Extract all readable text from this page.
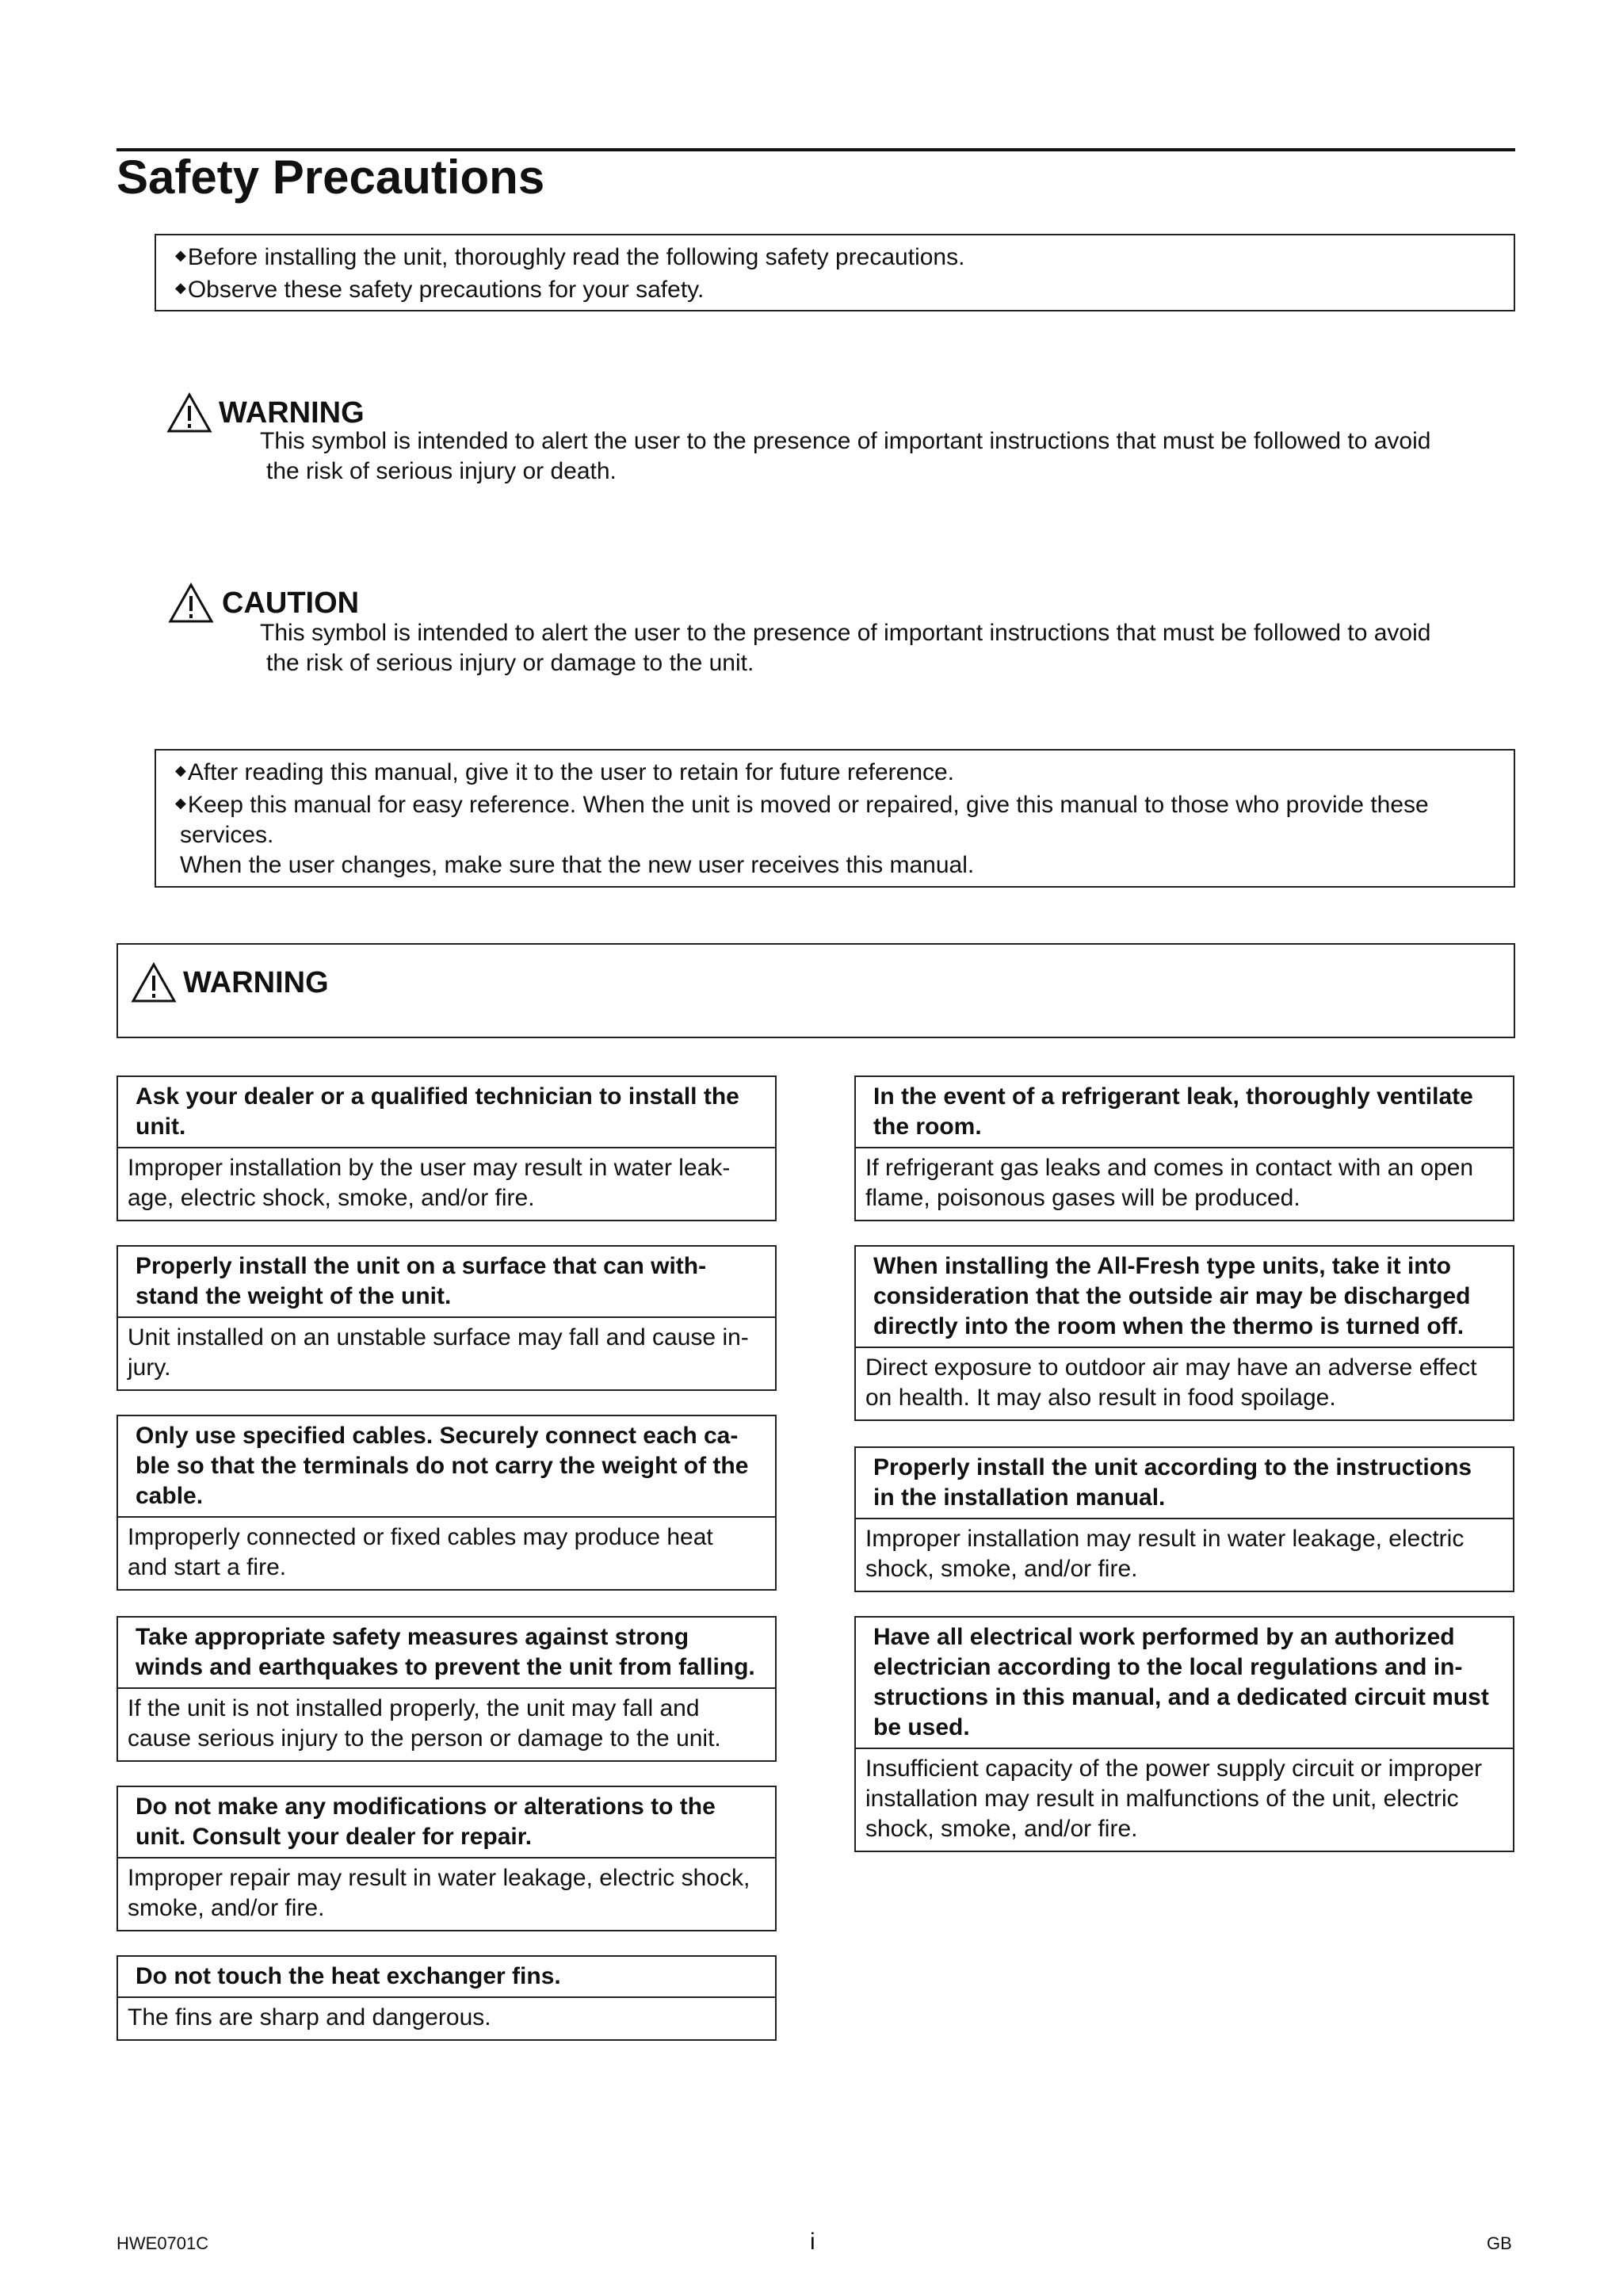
Safety Precautions
◆Before installing the unit, thoroughly read the following safety precautions.
◆Observe these safety precautions for your safety.
WARNING
This symbol is intended to alert the user to the presence of important instructions that must be followed to avoid
the risk of serious injury or death.
CAUTION
This symbol is intended to alert the user to the presence of important instructions that must be followed to avoid
the risk of serious injury or damage to the unit.
◆After reading this manual, give it to the user to retain for future reference.
◆Keep this manual for easy reference. When the unit is moved or repaired, give this manual to those who provide these
services.
When the user changes, make sure that the new user receives this manual.
WARNING
Ask your dealer or a qualified technician to install the
unit.
Improper installation by the user may result in water leak-
age, electric shock, smoke, and/or fire.
Properly install the unit on a surface that can with-
stand the weight of the unit.
Unit installed on an unstable surface may fall and cause in-
jury.
Only use specified cables. Securely connect each ca-
ble so that the terminals do not carry the weight of the
cable.
Improperly connected or fixed cables may produce heat
and start a fire.
Take appropriate safety measures against strong
winds and earthquakes to prevent the unit from falling.
If the unit is not installed properly, the unit may fall and
cause serious injury to the person or damage to the unit.
Do not make any modifications or alterations to the
unit. Consult your dealer for repair.
Improper repair may result in water leakage, electric shock,
smoke, and/or fire.
Do not touch the heat exchanger fins.
The fins are sharp and dangerous.
In the event of a refrigerant leak, thoroughly ventilate
the room.
If refrigerant gas leaks and comes in contact with an open
flame, poisonous gases will be produced.
When installing the All-Fresh type units, take it into
consideration that the outside air may be discharged
directly into the room when the thermo is turned off.
Direct exposure to outdoor air may have an adverse effect
on health. It may also result in food spoilage.
Properly install the unit according to the instructions
in the installation manual.
Improper installation may result in water leakage, electric
shock, smoke, and/or fire.
Have all electrical work performed by an authorized
electrician according to the local regulations and in-
structions in this manual, and a dedicated circuit must
be used.
Insufficient capacity of the power supply circuit or improper
installation may result in malfunctions of the unit, electric
shock, smoke, and/or fire.
HWE0701C	i	GB
